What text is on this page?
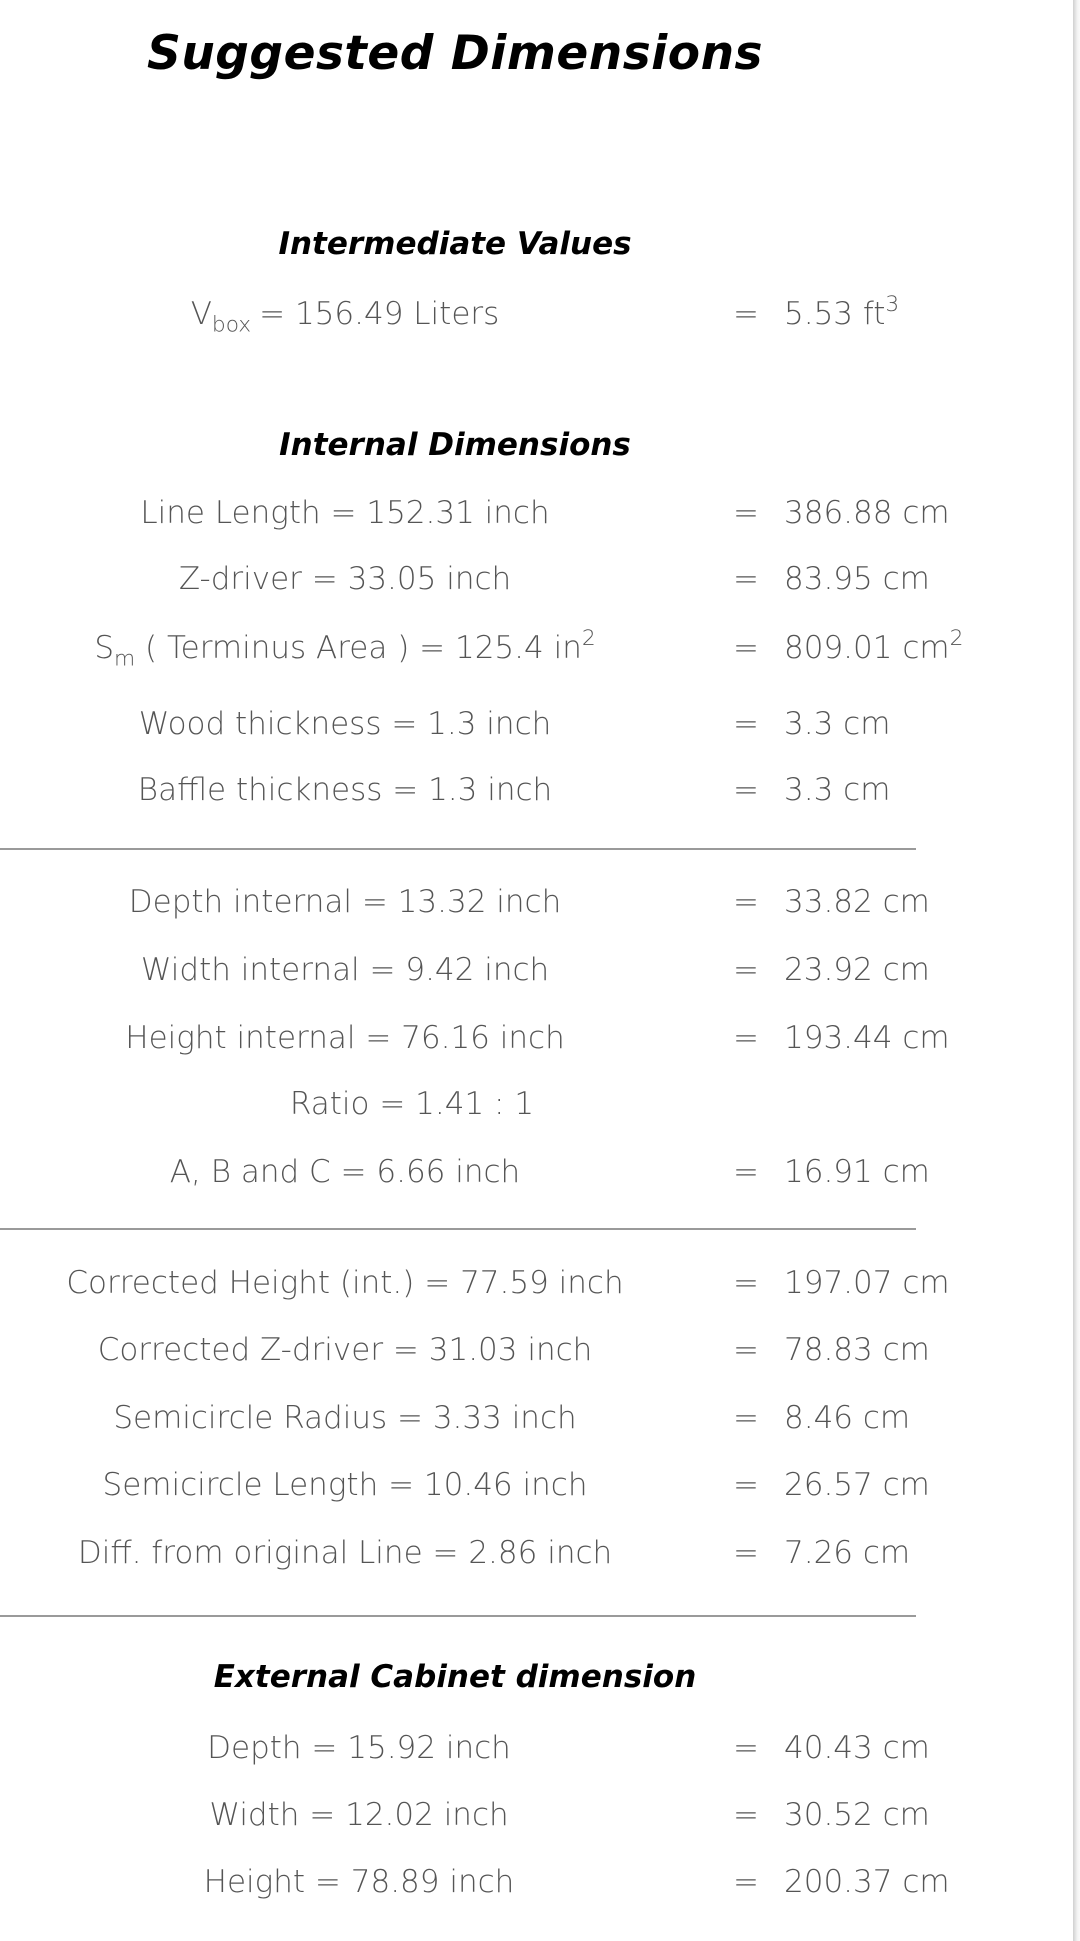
Suggested Dimensions
Intermediate Values
$V_{box} = 156.49$ Liters	= 5.53 $ft^3$
Internal Dimensions
Line Length = 152.31 inch	= 386.88 cm
Z-driver = 33.05 inch	= 83.95 cm
$S_m$ ( Terminus Area ) = 125.4 $in^2$	= 809.01 $cm^2$
Wood thickness = 1.3 inch	= 3.3 cm
Baffle thickness = 1.3 inch	= 3.3 cm
Depth internal = 13.32 inch	= 33.82 cm
Width internal = 9.42 inch	= 23.92 cm
Height internal = 76.16 inch	= 193.44 cm
Ratio = 1.41 : 1
A, B and C = 6.66 inch	= 16.91 cm
Corrected Height (int.) = 77.59 inch	= 197.07 cm
Corrected Z-driver = 31.03 inch	= 78.83 cm
Semicircle Radius = 3.33 inch	= 8.46 cm
Semicircle Length = 10.46 inch	= 26.57 cm
Diff. from original Line = 2.86 inch	= 7.26 cm
External Cabinet dimension
Depth = 15.92 inch	= 40.43 cm
Width = 12.02 inch	= 30.52 cm
Height = 78.89 inch	= 200.37 cm
